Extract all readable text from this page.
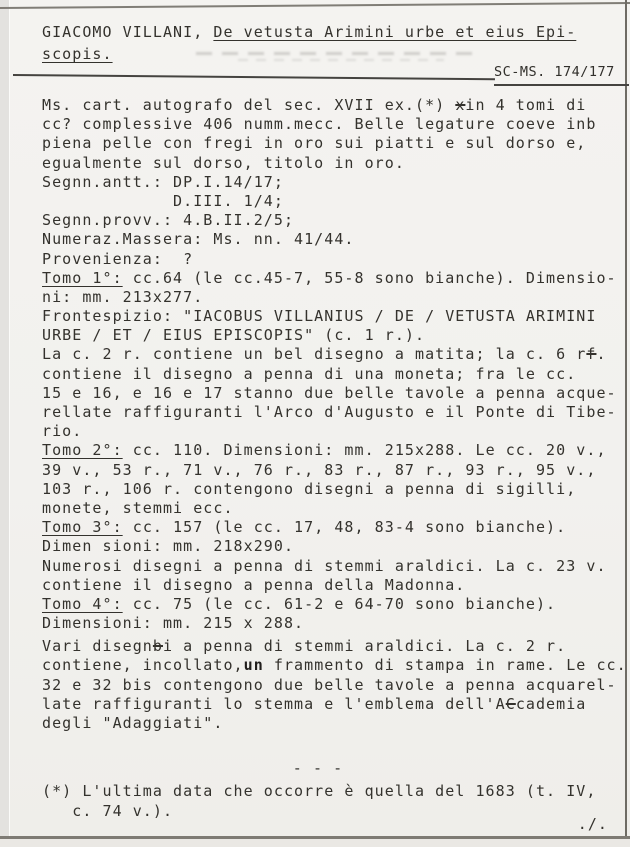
GIACOMO VILLANI, De vetusta Arimini urbe et eius Epi-
scopis.
SC-MS. 174/177
Ms. cart. autografo del sec. XVII ex.(*) xin 4 tomi di
cc? complessive 406 numm.mecc. Belle legature coeve inb
piena pelle con fregi in oro sui piatti e sul dorso e,
egualmente sul dorso, titolo in oro.
Segnn.antt.: DP.I.14/17;
D.III. 1/4;
Segnn.provv.: 4.B.II.2/5;
Numeraz.Massera: Ms. nn. 41/44.
Provenienza:  ?
Tomo 1°: cc.64 (le cc.45-7, 55-8 sono bianche). Dimensio-
ni: mm. 213x277.
Frontespizio: "IACOBUS VILLANIUS / DE / VETUSTA ARIMINI
URBE / ET / EIUS EPISCOPIS" (c. 1 r.).
La c. 2 r. contiene un bel disegno a matita; la c. 6 rf.
contiene il disegno a penna di una moneta; fra le cc.
15 e 16, e 16 e 17 stanno due belle tavole a penna acque-
rellate raffiguranti l'Arco d'Augusto e il Ponte di Tibe-
rio.
Tomo 2°: cc. 110. Dimensioni: mm. 215x288. Le cc. 20 v.,
39 v., 53 r., 71 v., 76 r., 83 r., 87 r., 93 r., 95 v.,
103 r., 106 r. contengono disegni a penna di sigilli,
monete, stemmi ecc.
Tomo 3°: cc. 157 (le cc. 17, 48, 83-4 sono bianche).
Dimen sioni: mm. 218x290.
Numerosi disegni a penna di stemmi araldici. La c. 23 v.
contiene il disegno a penna della Madonna.
Tomo 4°: cc. 75 (le cc. 61-2 e 64-70 sono bianche).
Dimensioni: mm. 215 x 288.
Vari disegnbi a penna di stemmi araldici. La c. 2 r.
contiene, incollato,un frammento di stampa in rame. Le cc.
32 e 32 bis contengono due belle tavole a penna acquarel-
late raffiguranti lo stemma e l'emblema dell'ACcademia
degli "Adaggiati".
- - -
(*) L'ultima data che occorre è quella del 1683 (t. IV,
c. 74 v.).
./.
